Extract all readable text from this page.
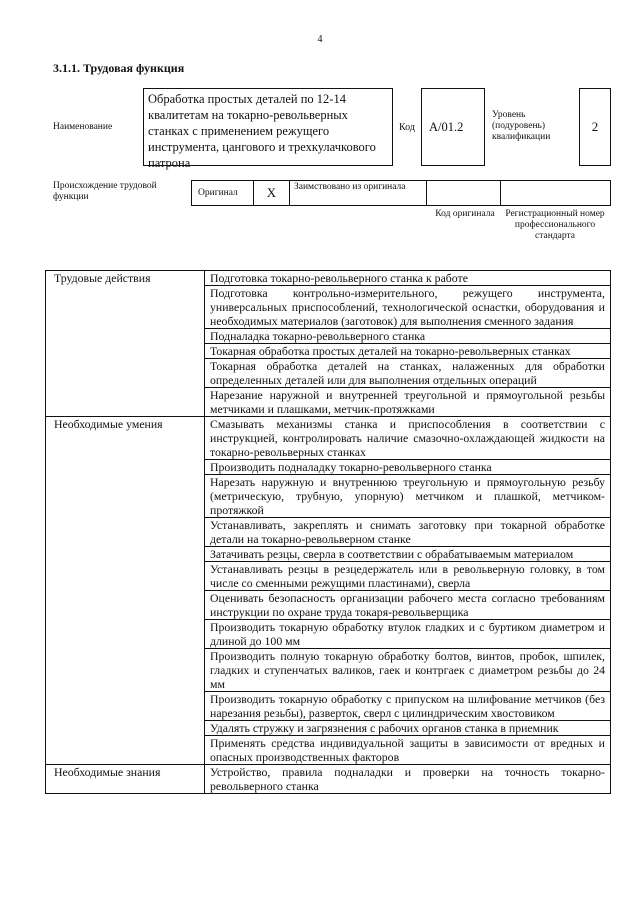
4
3.1.1. Трудовая функция
Наименование
Обработка простых деталей по 12-14 квалитетам на токарно-револьверных станках с применением режущего инструмента, цангового и трехкулачкового патрона
Код A/01.2
Уровень (подуровень) квалификации
2
Происхождение трудовой функции	Оригинал X Заимствовано из оригинала
Код оригинала	Регистрационный номер профессионального стандарта
Трудовые действия	Подготовка токарно-револьверного станка к работе
	Подготовка контрольно-измерительного, режущего инструмента, универсальных приспособлений, технологической оснастки, оборудования и необходимых материалов (заготовок) для выполнения сменного задания
	Подналадка токарно-револьверного станка
	Токарная обработка простых деталей на токарно-револьверных станках
	Токарная обработка деталей на станках, налаженных для обработки определенных деталей или для выполнения отдельных операций
	Нарезание наружной и внутренней треугольной и прямоугольной резьбы метчиками и плашками, метчик-протяжками
Необходимые умения	Смазывать механизмы станка и приспособления в соответствии с инструкцией, контролировать наличие смазочно-охлаждающей жидкости на токарно-револьверных станках
	Производить подналадку токарно-револьверного станка
	Нарезать наружную и внутреннюю треугольную и прямоугольную резьбу (метрическую, трубную, упорную) метчиком и плашкой, метчиком-протяжкой
	Устанавливать, закреплять и снимать заготовку при токарной обработке детали на токарно-револьверном станке
	Затачивать резцы, сверла в соответствии с обрабатываемым материалом
	Устанавливать резцы в резцедержатель или в револьверную головку, в том числе со сменными режущими пластинами), сверла
	Оценивать безопасность организации рабочего места согласно требованиям инструкции по охране труда токаря-револьверщика
	Производить токарную обработку втулок гладких и с буртиком диаметром и длиной до 100 мм
	Производить полную токарную обработку болтов, винтов, пробок, шпилек, гладких и ступенчатых валиков, гаек и контргаек с диаметром резьбы до 24 мм
	Производить токарную обработку с припуском на шлифование метчиков (без нарезания резьбы), разверток, сверл с цилиндрическим хвостовиком
	Удалять стружку и загрязнения с рабочих органов станка в приемник
	Применять средства индивидуальной защиты в зависимости от вредных и опасных производственных факторов
Необходимые знания	Устройство, правила подналадки и проверки на точность токарно-револьверного станка
